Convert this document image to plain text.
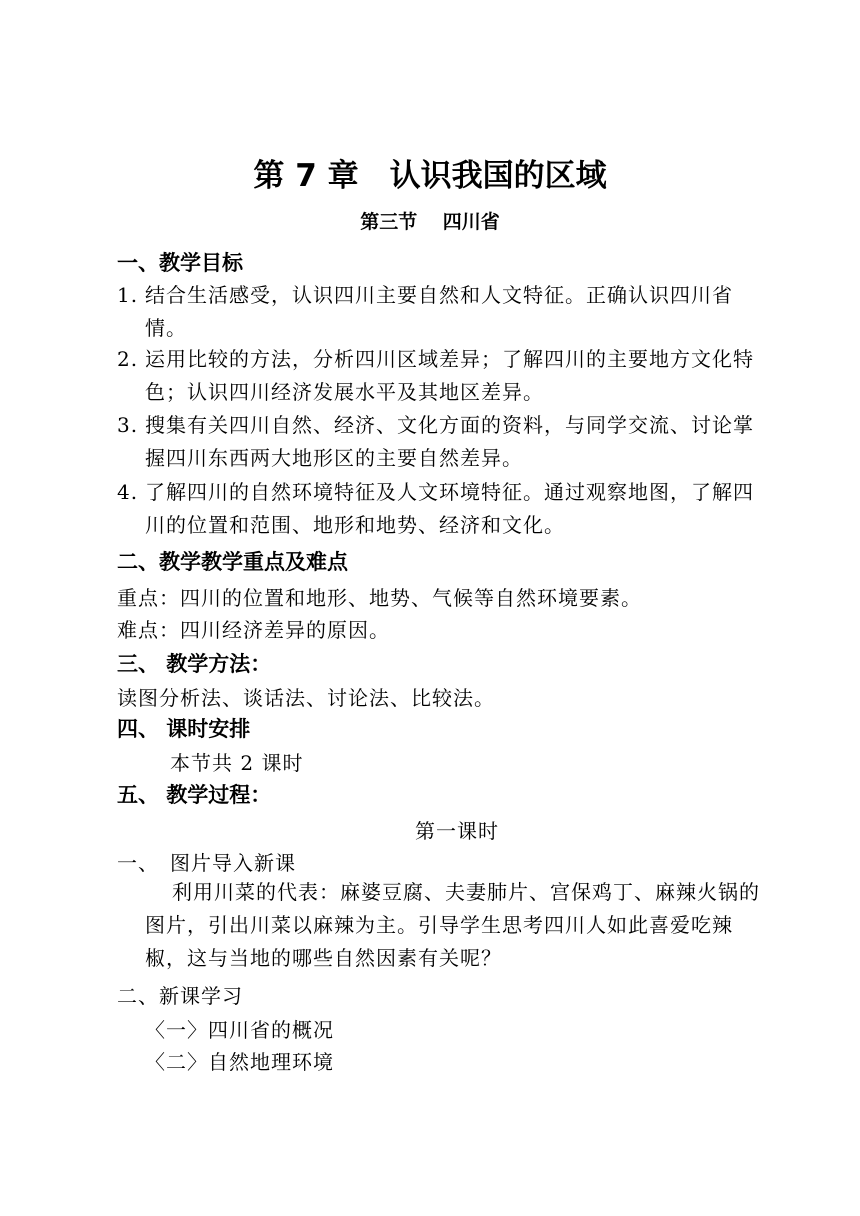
第 7 章　认识我国的区域
第三节　 四川省
一、教学目标
1. 结合生活感受，认识四川主要自然和人文特征。正确认识四川省情。
2. 运用比较的方法，分析四川区域差异；了解四川的主要地方文化特色；认识四川经济发展水平及其地区差异。
3. 搜集有关四川自然、经济、文化方面的资料，与同学交流、讨论掌握四川东西两大地形区的主要自然差异。
4. 了解四川的自然环境特征及人文环境特征。通过观察地图，了解四川的位置和范围、地形和地势、经济和文化。
二、教学教学重点及难点
重点：四川的位置和地形、地势、气候等自然环境要素。
难点：四川经济差异的原因。
三、 教学方法：
读图分析法、谈话法、讨论法、比较法。
四、 课时安排
本节共 2 课时
五、 教学过程：
第一课时
一、　图片导入新课
利用川菜的代表：麻婆豆腐、夫妻肺片、宫保鸡丁、麻辣火锅的图片，引出川菜以麻辣为主。引导学生思考四川人如此喜爱吃辣椒，这与当地的哪些自然因素有关呢？
二、新课学习
〈一〉四川省的概况
〈二〉自然地理环境
